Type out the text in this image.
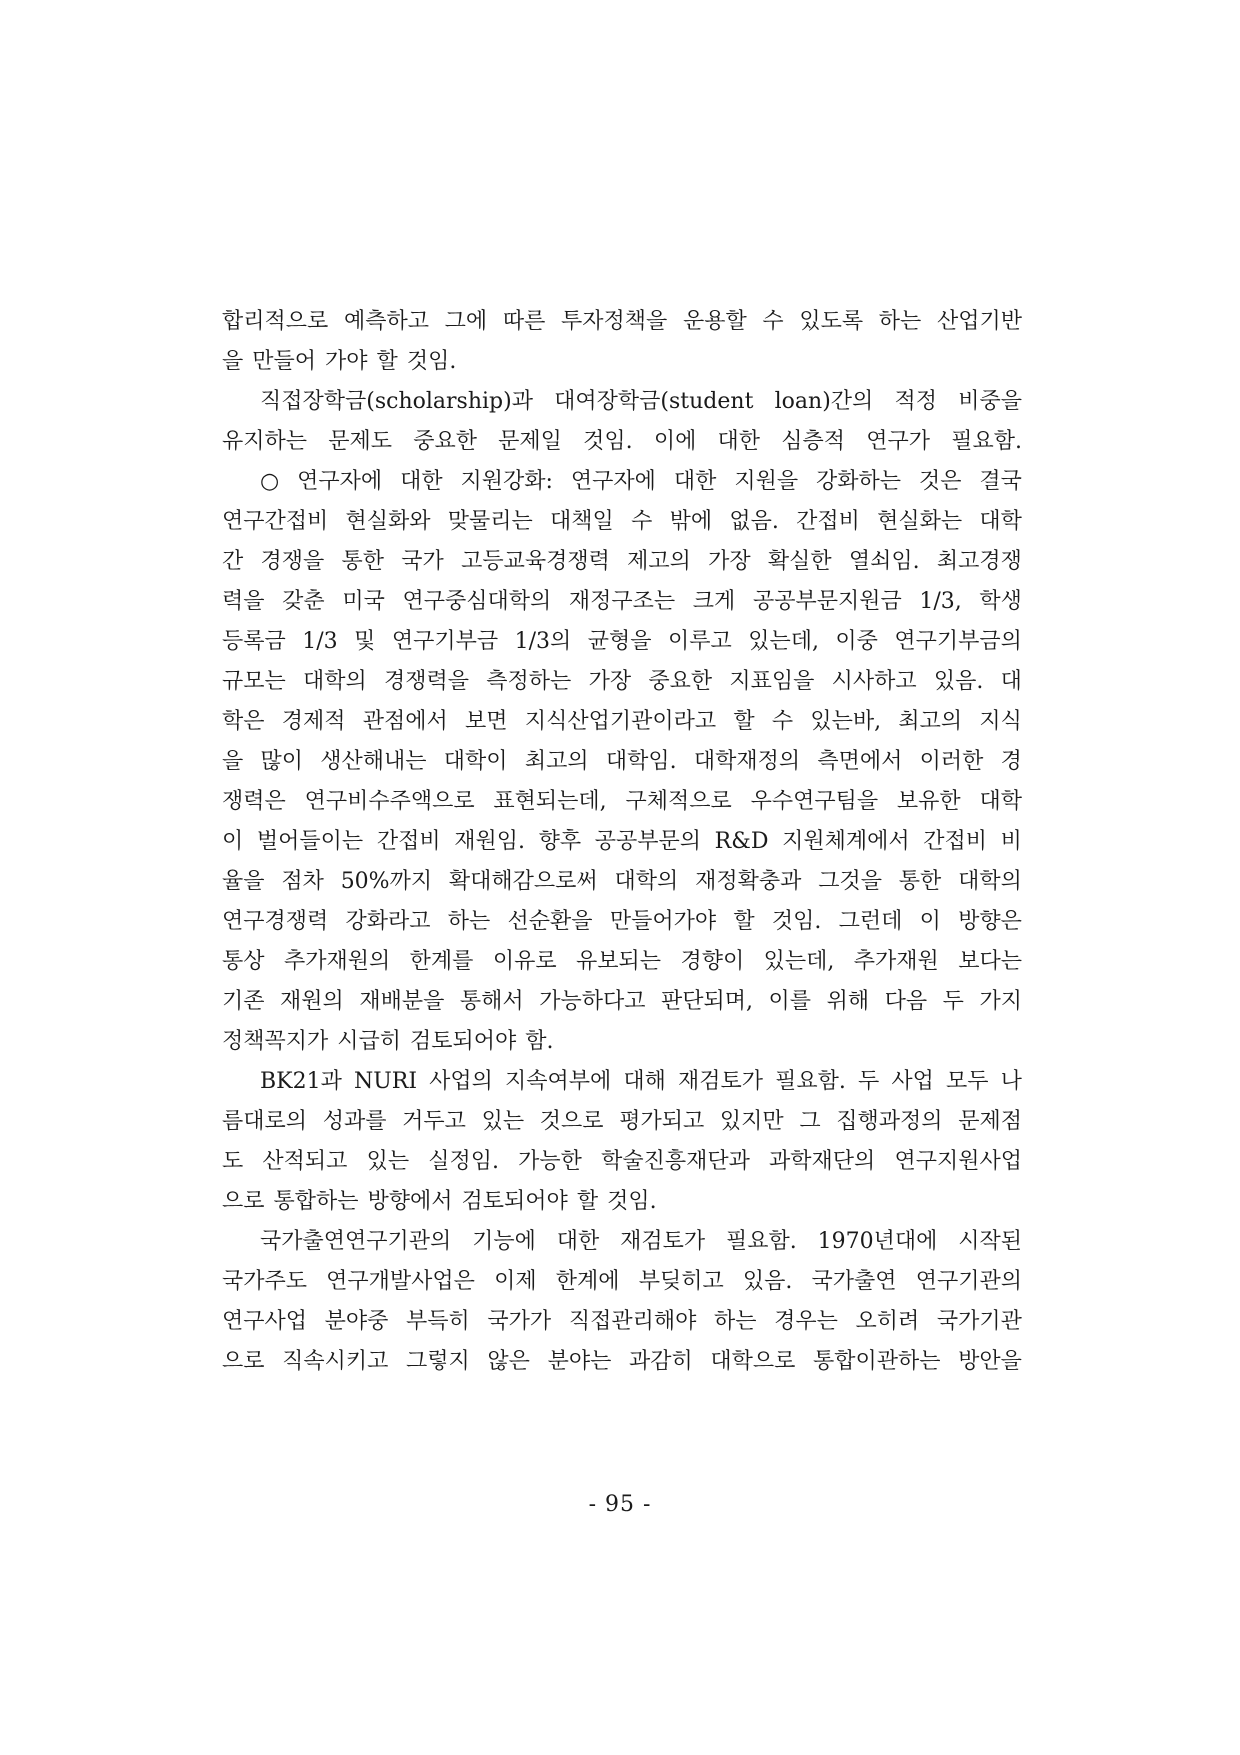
합리적으로 예측하고 그에 따른 투자정책을 운용할 수 있도록 하는 산업기반
을 만들어 가야 할 것임.
직접장학금(scholarship)과 대여장학금(student loan)간의 적정 비중을
유지하는 문제도 중요한 문제일 것임. 이에 대한 심층적 연구가 필요함.
○ 연구자에 대한 지원강화: 연구자에 대한 지원을 강화하는 것은 결국
연구간접비 현실화와 맞물리는 대책일 수 밖에 없음. 간접비 현실화는 대학
간 경쟁을 통한 국가 고등교육경쟁력 제고의 가장 확실한 열쇠임. 최고경쟁
력을 갖춘 미국 연구중심대학의 재정구조는 크게 공공부문지원금 1/3, 학생
등록금 1/3 및 연구기부금 1/3의 균형을 이루고 있는데, 이중 연구기부금의
규모는 대학의 경쟁력을 측정하는 가장 중요한 지표임을 시사하고 있음. 대
학은 경제적 관점에서 보면 지식산업기관이라고 할 수 있는바, 최고의 지식
을 많이 생산해내는 대학이 최고의 대학임. 대학재정의 측면에서 이러한 경
쟁력은 연구비수주액으로 표현되는데, 구체적으로 우수연구팀을 보유한 대학
이 벌어들이는 간접비 재원임. 향후 공공부문의 R&D 지원체계에서 간접비 비
율을 점차 50%까지 확대해감으로써 대학의 재정확충과 그것을 통한 대학의
연구경쟁력 강화라고 하는 선순환을 만들어가야 할 것임. 그런데 이 방향은
통상 추가재원의 한계를 이유로 유보되는 경향이 있는데, 추가재원 보다는
기존 재원의 재배분을 통해서 가능하다고 판단되며, 이를 위해 다음 두 가지
정책꼭지가 시급히 검토되어야 함.
BK21과 NURI 사업의 지속여부에 대해 재검토가 필요함. 두 사업 모두 나
름대로의 성과를 거두고 있는 것으로 평가되고 있지만 그 집행과정의 문제점
도 산적되고 있는 실정임. 가능한 학술진흥재단과 과학재단의 연구지원사업
으로 통합하는 방향에서 검토되어야 할 것임.
국가출연연구기관의 기능에 대한 재검토가 필요함. 1970년대에 시작된
국가주도 연구개발사업은 이제 한계에 부딪히고 있음. 국가출연 연구기관의
연구사업 분야중 부득히 국가가 직접관리해야 하는 경우는 오히려 국가기관
으로 직속시키고 그렇지 않은 분야는 과감히 대학으로 통합이관하는 방안을
- 95 -
